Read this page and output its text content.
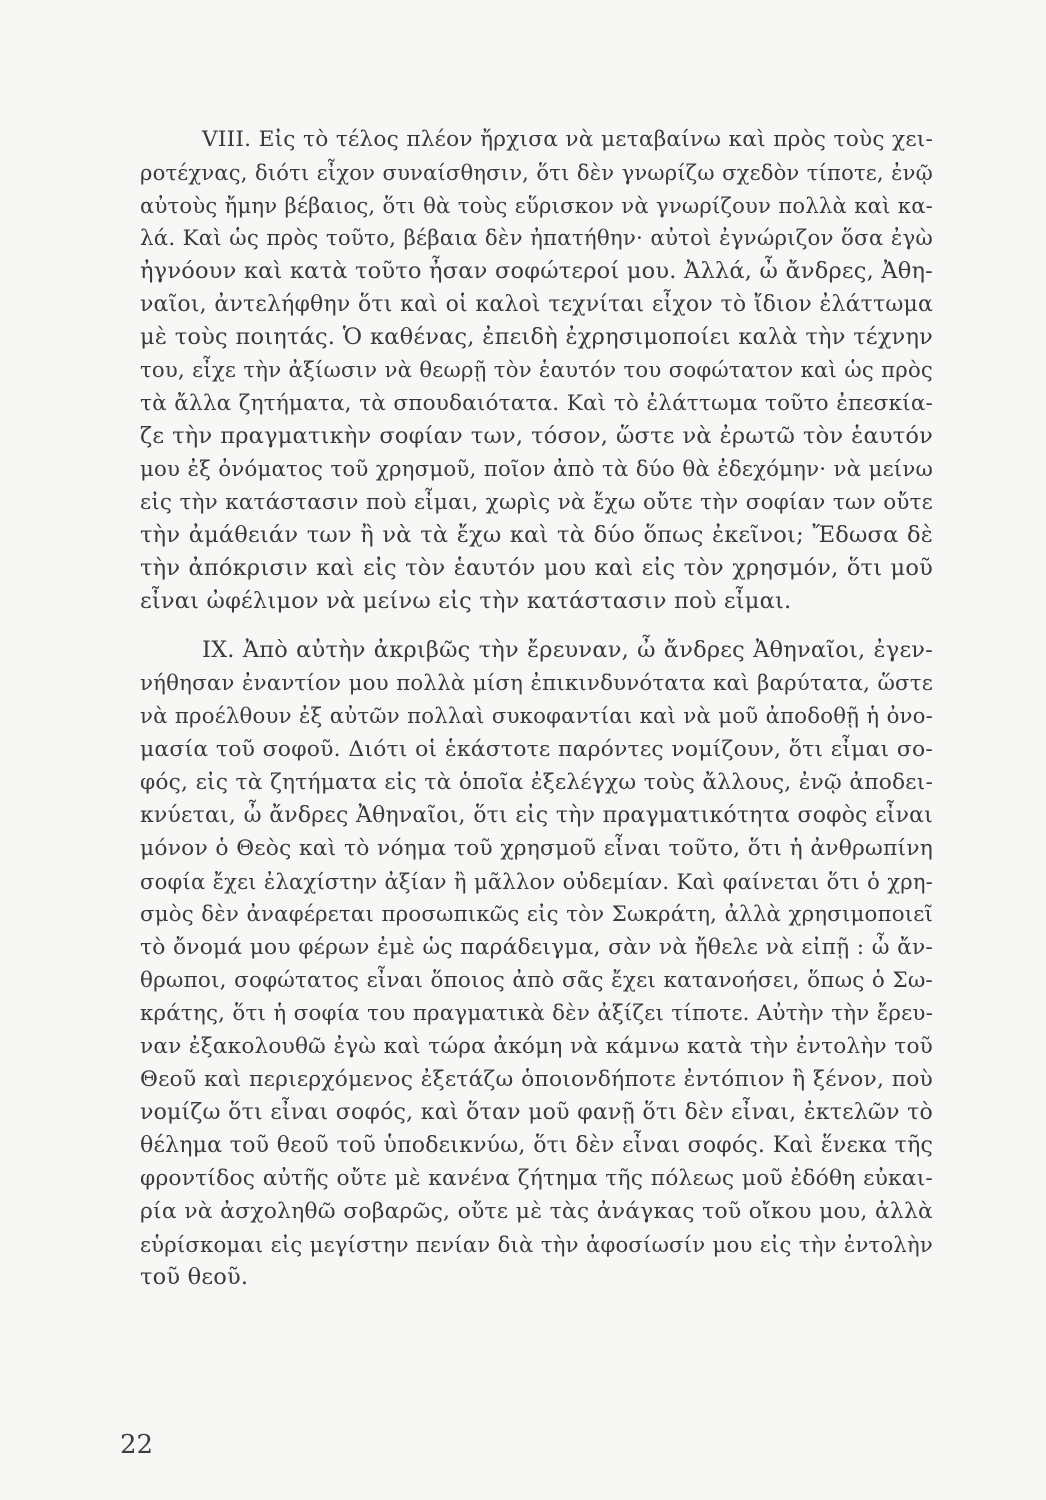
VIII. Εἰς τὸ τέλος πλέον ἤρχισα νὰ μεταβαίνω καὶ πρὸς τοὺς χει-
ροτέχνας, διότι εἶχον συναίσθησιν, ὅτι δὲν γνωρίζω σχεδὸν τίποτε, ἐνῷ
αὐτοὺς ἤμην βέβαιος, ὅτι θὰ τοὺς εὕρισκον νὰ γνωρίζουν πολλὰ καὶ κα-
λά. Καὶ ὡς πρὸς τοῦτο, βέβαια δὲν ἠπατήθην· αὐτοὶ ἐγνώριζον ὅσα ἐγὼ
ἠγνόουν καὶ κατὰ τοῦτο ἦσαν σοφώτεροί μου. Ἀλλά, ὦ ἄνδρες, Ἀθη-
ναῖοι, ἀντελήφθην ὅτι καὶ οἱ καλοὶ τεχνίται εἶχον τὸ ἴδιον ἐλάττωμα
μὲ τοὺς ποιητάς. Ὁ καθένας, ἐπειδὴ ἐχρησιμοποίει καλὰ τὴν τέχνην
του, εἶχε τὴν ἀξίωσιν νὰ θεωρῇ τὸν ἑαυτόν του σοφώτατον καὶ ὡς πρὸς
τὰ ἄλλα ζητήματα, τὰ σπουδαιότατα. Καὶ τὸ ἐλάττωμα τοῦτο ἐπεσκία-
ζε τὴν πραγματικὴν σοφίαν των, τόσον, ὥστε νὰ ἐρωτῶ τὸν ἑαυτόν
μου ἐξ ὀνόματος τοῦ χρησμοῦ, ποῖον ἀπὸ τὰ δύο θὰ ἐδεχόμην· νὰ μείνω
εἰς τὴν κατάστασιν ποὺ εἶμαι, χωρὶς νὰ ἔχω οὔτε τὴν σοφίαν των οὔτε
τὴν ἀμάθειάν των ἢ νὰ τὰ ἔχω καὶ τὰ δύο ὅπως ἐκεῖνοι; Ἔδωσα δὲ
τὴν ἀπόκρισιν καὶ εἰς τὸν ἑαυτόν μου καὶ εἰς τὸν χρησμόν, ὅτι μοῦ
εἶναι ὠφέλιμον νὰ μείνω εἰς τὴν κατάστασιν ποὺ εἶμαι.
IX. Ἀπὸ αὐτὴν ἀκριβῶς τὴν ἔρευναν, ὦ ἄνδρες Ἀθηναῖοι, ἐγεν-
νήθησαν ἐναντίον μου πολλὰ μίση ἐπικινδυνότατα καὶ βαρύτατα, ὥστε
νὰ προέλθουν ἐξ αὐτῶν πολλαὶ συκοφαντίαι καὶ νὰ μοῦ ἀποδοθῇ ἡ ὀνο-
μασία τοῦ σοφοῦ. Διότι οἱ ἑκάστοτε παρόντες νομίζουν, ὅτι εἶμαι σο-
φός, εἰς τὰ ζητήματα εἰς τὰ ὁποῖα ἐξελέγχω τοὺς ἄλλους, ἐνῷ ἀποδει-
κνύεται, ὦ ἄνδρες Ἀθηναῖοι, ὅτι εἰς τὴν πραγματικότητα σοφὸς εἶναι
μόνον ὁ Θεὸς καὶ τὸ νόημα τοῦ χρησμοῦ εἶναι τοῦτο, ὅτι ἡ ἀνθρωπίνη
σοφία ἔχει ἐλαχίστην ἀξίαν ἢ μᾶλλον οὐδεμίαν. Καὶ φαίνεται ὅτι ὁ χρη-
σμὸς δὲν ἀναφέρεται προσωπικῶς εἰς τὸν Σωκράτη, ἀλλὰ χρησιμοποιεῖ
τὸ ὄνομά μου φέρων ἐμὲ ὡς παράδειγμα, σὰν νὰ ἤθελε νὰ εἰπῇ : ὦ ἄν-
θρωποι, σοφώτατος εἶναι ὅποιος ἀπὸ σᾶς ἔχει κατανοήσει, ὅπως ὁ Σω-
κράτης, ὅτι ἡ σοφία του πραγματικὰ δὲν ἀξίζει τίποτε. Αὐτὴν τὴν ἔρευ-
ναν ἐξακολουθῶ ἐγὼ καὶ τώρα ἀκόμη νὰ κάμνω κατὰ τὴν ἐντολὴν τοῦ
Θεοῦ καὶ περιερχόμενος ἐξετάζω ὁποιονδήποτε ἐντόπιον ἢ ξένον, ποὺ
νομίζω ὅτι εἶναι σοφός, καὶ ὅταν μοῦ φανῇ ὅτι δὲν εἶναι, ἐκτελῶν τὸ
θέλημα τοῦ θεοῦ τοῦ ὑποδεικνύω, ὅτι δὲν εἶναι σοφός. Καὶ ἕνεκα τῆς
φροντίδος αὐτῆς οὔτε μὲ κανένα ζήτημα τῆς πόλεως μοῦ ἐδόθη εὐκαι-
ρία νὰ ἀσχοληθῶ σοβαρῶς, οὔτε μὲ τὰς ἀνάγκας τοῦ οἴκου μου, ἀλλὰ
εὑρίσκομαι εἰς μεγίστην πενίαν διὰ τὴν ἀφοσίωσίν μου εἰς τὴν ἐντολὴν
τοῦ θεοῦ.
22
